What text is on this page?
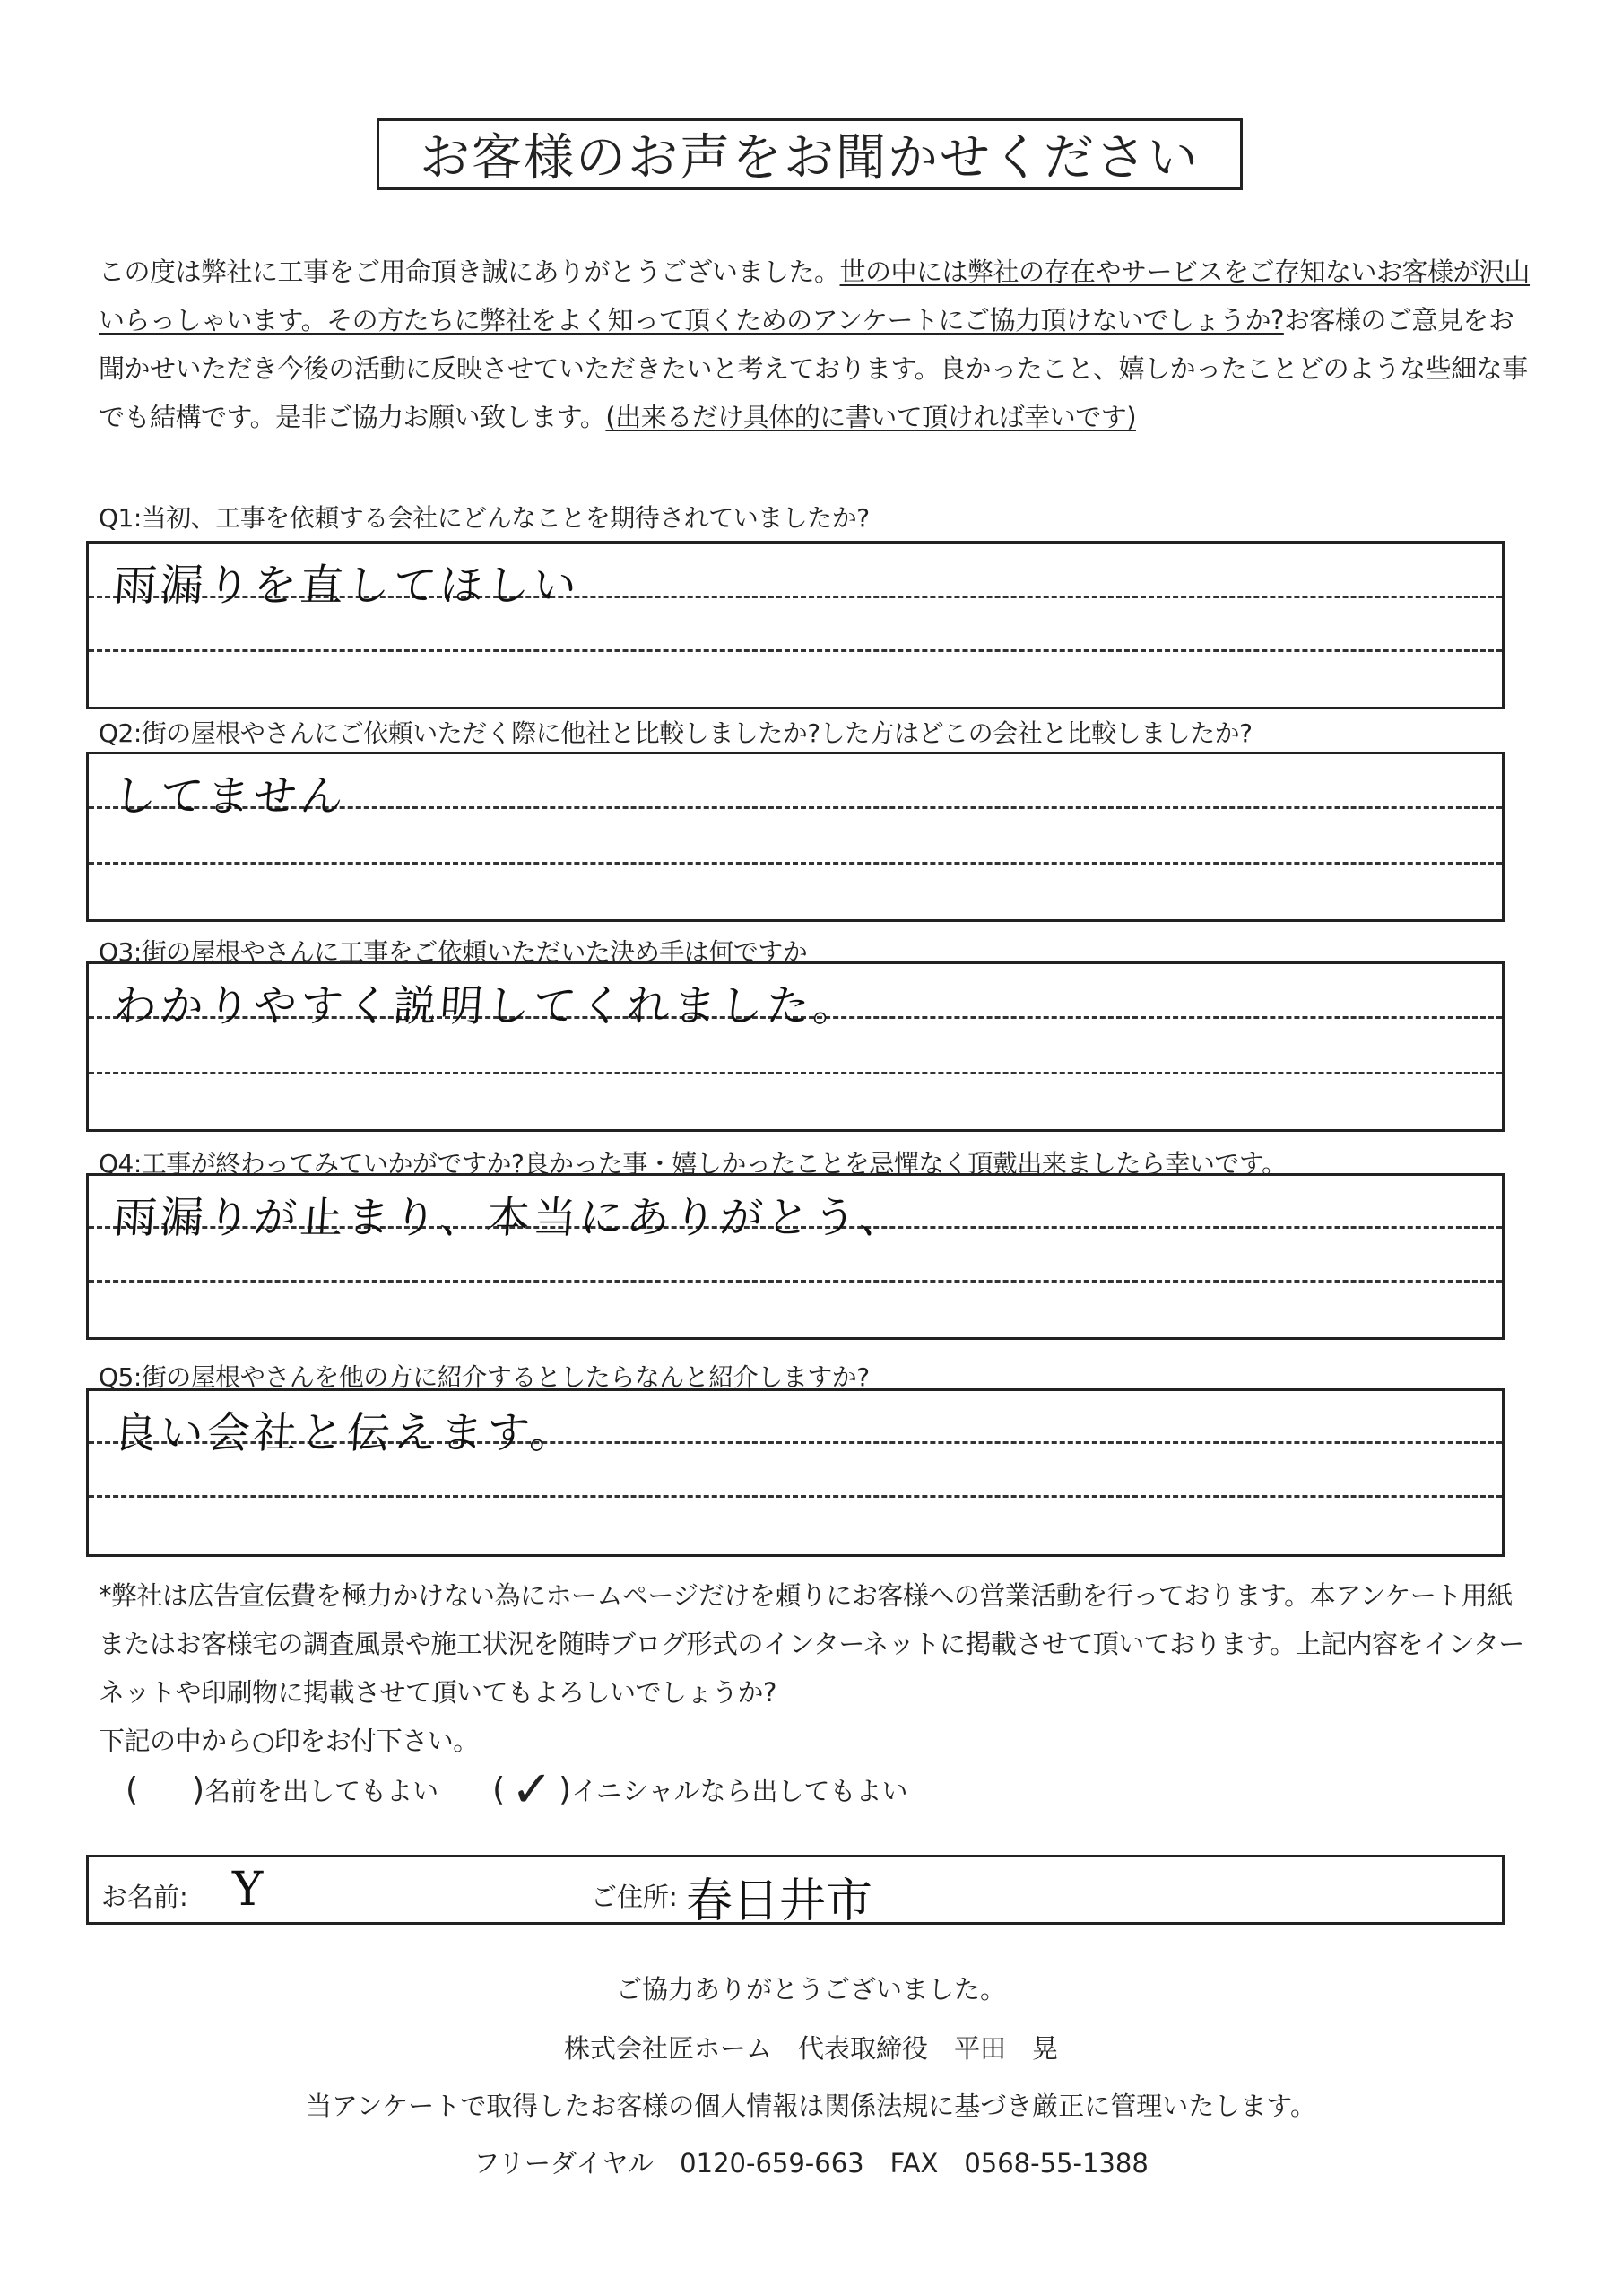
お客様のお声をお聞かせください
この度は弊社に工事をご用命頂き誠にありがとうございました。世の中には弊社の存在やサービスをご存知ないお客様が沢山いらっしゃいます。その方たちに弊社をよく知って頂くためのアンケートにご協力頂けないでしょうか?お客様のご意見をお聞かせいただき今後の活動に反映させていただきたいと考えております。良かったこと、嬉しかったことどのような些細な事でも結構です。是非ご協力お願い致します。(出来るだけ具体的に書いて頂ければ幸いです)
Q1:当初、工事を依頼する会社にどんなことを期待されていましたか?
雨漏りを直してほしい
Q2:街の屋根やさんにご依頼いただく際に他社と比較しましたか?した方はどこの会社と比較しましたか?
してません
Q3:街の屋根やさんに工事をご依頼いただいた決め手は何ですか
わかりやすく説明してくれました。
Q4:工事が終わってみていかがですか?良かった事・嬉しかったことを忌憚なく頂戴出来ましたら幸いです。
雨漏りが止まり、本当にありがとう、
Q5:街の屋根やさんを他の方に紹介するとしたらなんと紹介しますか?
良い会社と伝えます。
*弊社は広告宣伝費を極力かけない為にホームページだけを頼りにお客様への営業活動を行っております。本アンケート用紙またはお客様宅の調査風景や施工状況を随時ブログ形式のインターネットに掲載させて頂いております。上記内容をインターネットや印刷物に掲載させて頂いてもよろしいでしょうか?
下記の中から○印をお付下さい。
( ) 名前を出してもよい ( ✓ ) イニシャルなら出してもよい
お名前: Y	ご住所: 春日井市
ご協力ありがとうございました。
株式会社匠ホーム　代表取締役　平田　晃
当アンケートで取得したお客様の個人情報は関係法規に基づき厳正に管理いたします。
フリーダイヤル　0120-659-663　FAX　0568-55-1388
